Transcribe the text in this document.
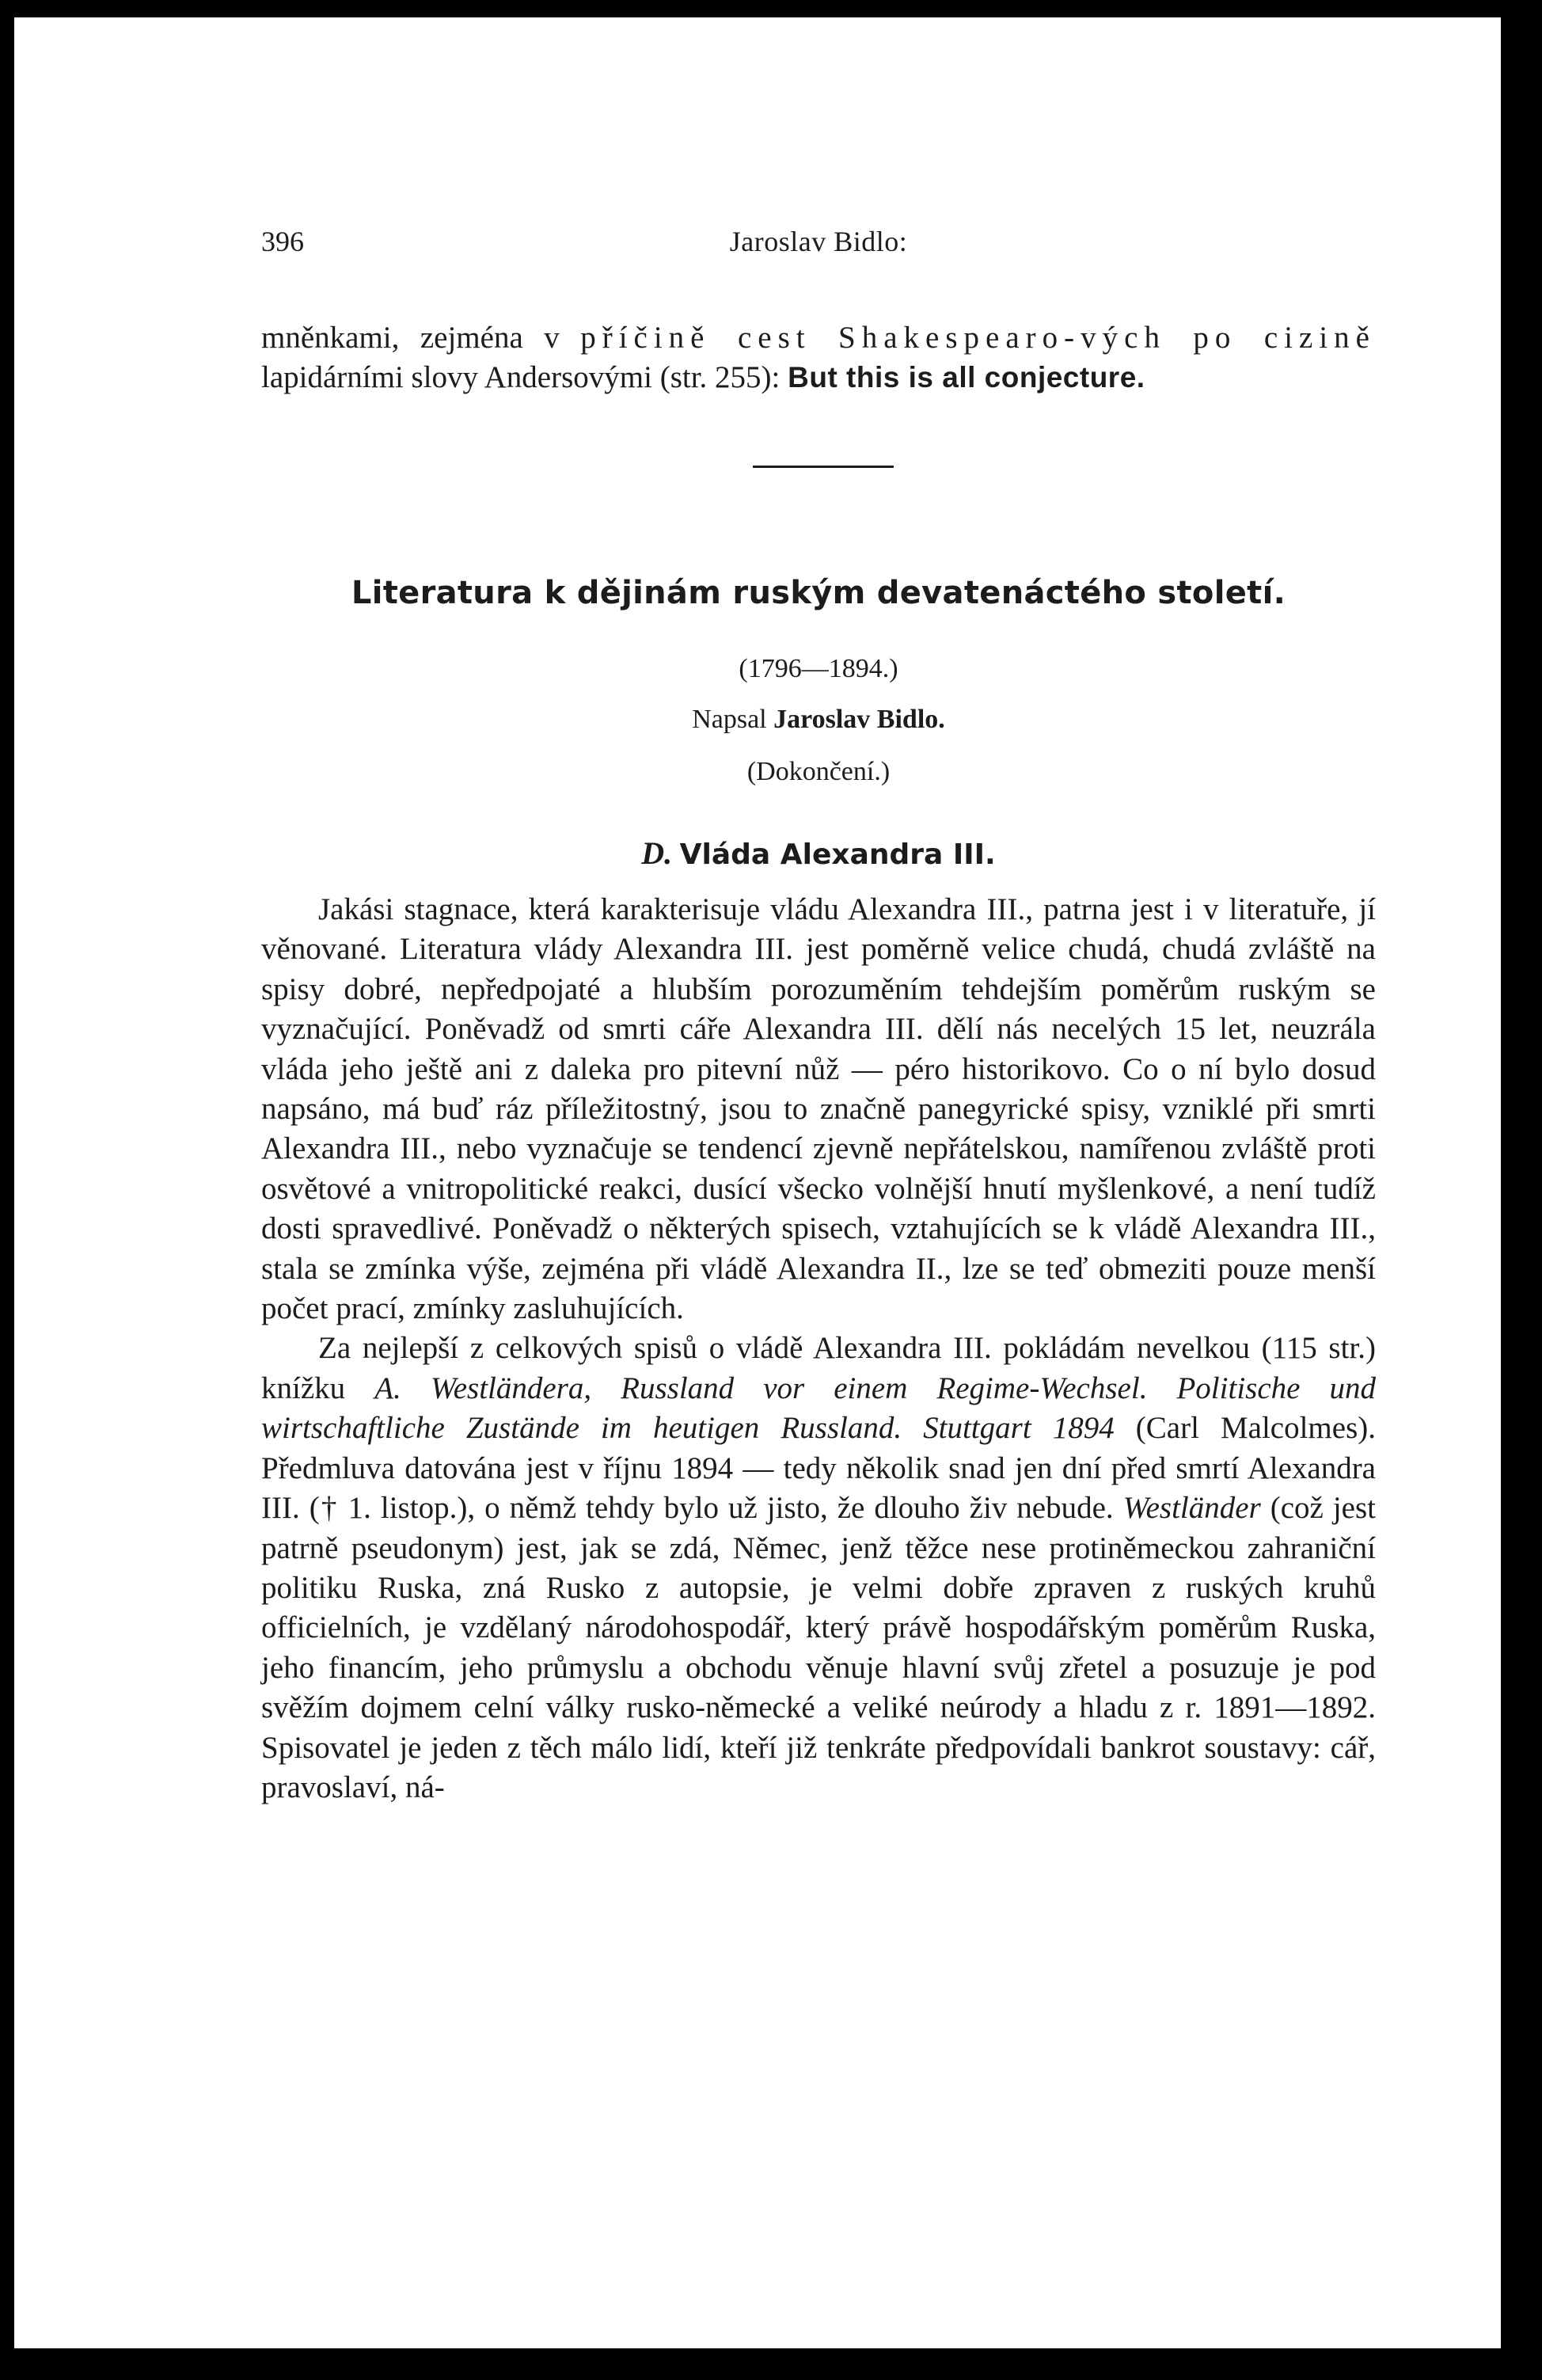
396	Jaroslav Bidlo:

mněnkami, zejména v příčině cest Shakespearo-vých po cizině lapidárními slovy Andersovými (str. 255): But this is all conjecture.

Literatura k dějinám ruským devatenáctého století.
(1796—1894.)
Napsal Jaroslav Bidlo.
(Dokončení.)
D. Vláda Alexandra III.

Jakási stagnace, která karakterisuje vládu Alexandra III., patrna jest i v literatuře, jí věnované. Literatura vlády Alexandra III. jest poměrně velice chudá, chudá zvláště na spisy dobré, nepředpojaté a hlubším porozuměním tehdejším poměrům ruským se vyznačující. Poněvadž od smrti cáře Alexandra III. dělí nás necelých 15 let, neuzrála vláda jeho ještě ani z daleka pro pitevní nůž — péro historikovo. Co o ní bylo dosud napsáno, má buď ráz příležitostný, jsou to značně panegyrické spisy, vzniklé při smrti Alexandra III., nebo vyznačuje se tendencí zjevně nepřátelskou, namířenou zvláště proti osvětové a vnitropolitické reakci, dusící všecko volnější hnutí myšlenkové, a není tudíž dosti spravedlivé. Poněvadž o některých spisech, vztahujících se k vládě Alexandra III., stala se zmínka výše, zejména při vládě Alexandra II., lze se teď obmeziti pouze menší počet prací, zmínky zasluhujících.

Za nejlepší z celkových spisů o vládě Alexandra III. pokládám nevelkou (115 str.) knížku A. Westländera, Russland vor einem Regime-Wechsel. Politische und wirtschaftliche Zustände im heutigen Russland. Stuttgart 1894 (Carl Malcolmes). Předmluva datována jest v říjnu 1894 — tedy několik snad jen dní před smrtí Alexandra III. († 1. listop.), o němž tehdy bylo už jisto, že dlouho živ nebude. Westländer (což jest patrně pseudonym) jest, jak se zdá, Němec, jenž těžce nese protiněmeckou zahraniční politiku Ruska, zná Rusko z autopsie, je velmi dobře zpraven z ruských kruhů officielních, je vzdělaný národohospodář, který právě hospodářským poměrům Ruska, jeho financím, jeho průmyslu a obchodu věnuje hlavní svůj zřetel a posuzuje je pod svěžím dojmem celní války rusko-německé a veliké neúrody a hladu z r. 1891—1892. Spisovatel je jeden z těch málo lidí, kteří již tenkráte předpovídali bankrot soustavy: cář, pravoslaví, ná-
